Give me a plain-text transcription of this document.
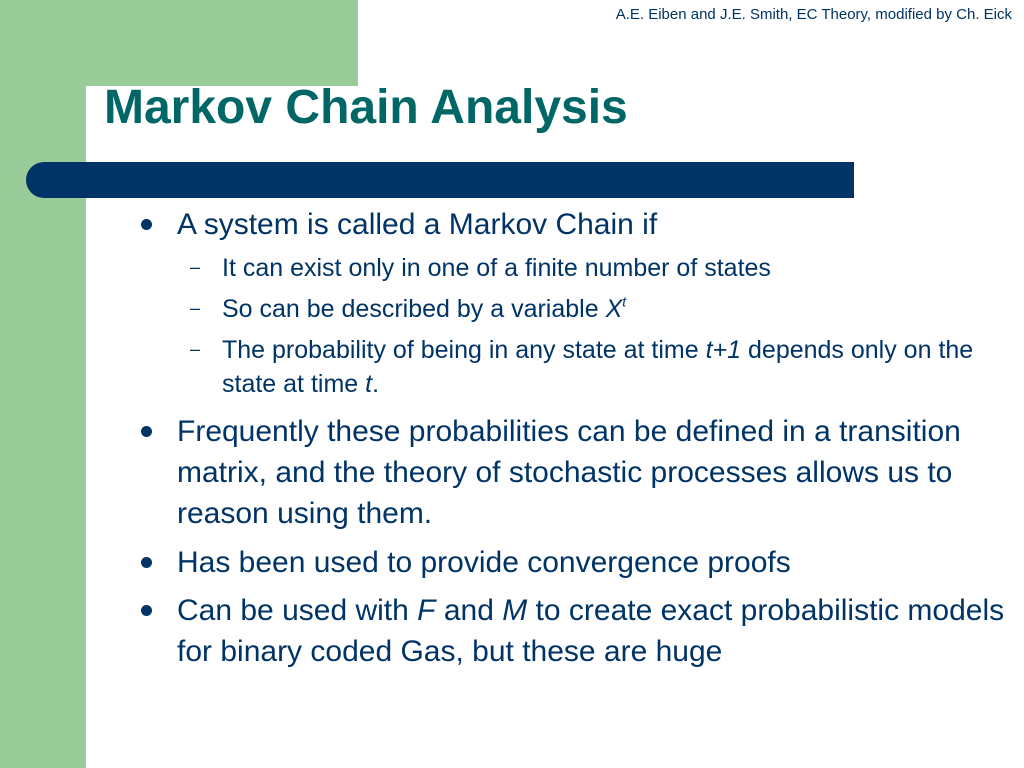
A.E. Eiben and J.E. Smith, EC Theory, modified by Ch. Eick
Markov Chain Analysis

A system is called a Markov Chain if

– It can exist only in one of a finite number of states

– So can be described by a variable $X^t$

– The probability of being in any state at time t+1 depends only on the state at time t.

Frequently these probabilities can be defined in a transition matrix, and the theory of stochastic processes allows us to reason using them.

Has been used to provide convergence proofs

Can be used with F and M to create exact probabilistic models for binary coded Gas, but these are huge
